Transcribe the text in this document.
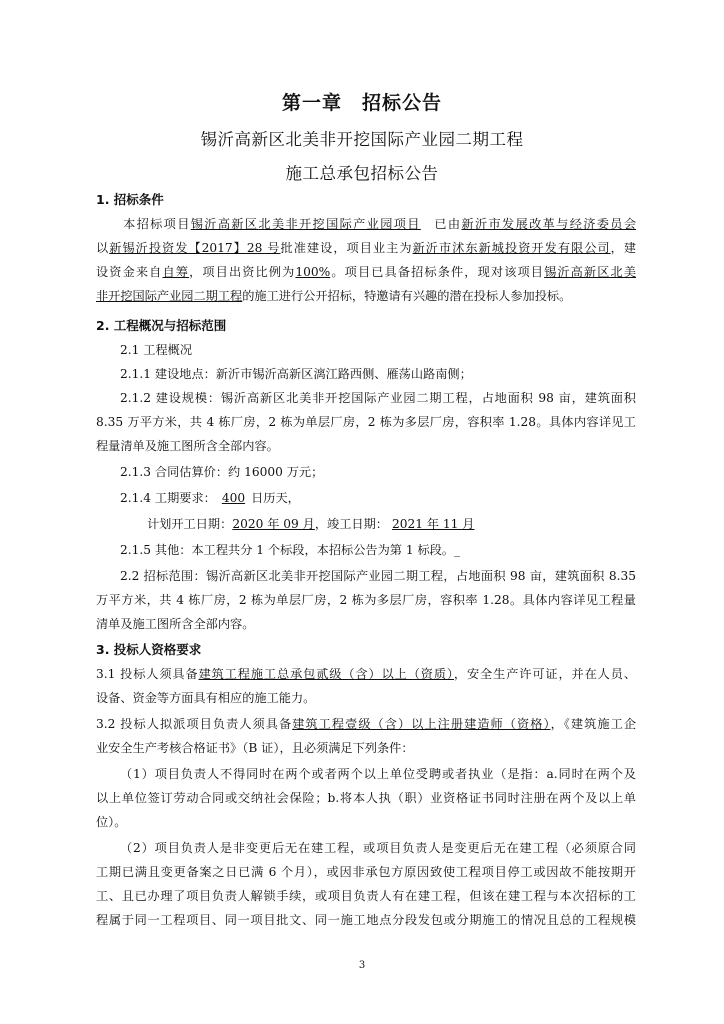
第一章　招标公告
锡沂高新区北美非开挖国际产业园二期工程
施工总承包招标公告
1. 招标条件
　　本招标项目锡沂高新区北美非开挖国际产业园项目　已由新沂市发展改革与经济委员会
以新锡沂投资发【2017】28 号批准建设，项目业主为新沂市沭东新城投资开发有限公司，建
设资金来自自筹，项目出资比例为100%。项目已具备招标条件，现对该项目锡沂高新区北美
非开挖国际产业园二期工程的施工进行公开招标，特邀请有兴趣的潜在投标人参加投标。
2. 工程概况与招标范围
2.1 工程概况
2.1.1 建设地点：新沂市锡沂高新区漓江路西侧、雁荡山路南侧；
2.1.2 建设规模：锡沂高新区北美非开挖国际产业园二期工程，占地面积 98 亩，建筑面积
8.35 万平方米，共 4 栋厂房，2 栋为单层厂房，2 栋为多层厂房，容积率 1.28。具体内容详见工
程量清单及施工图所含全部内容。
2.1.3 合同估算价：约 16000 万元；
2.1.4 工期要求： 400 日历天，
计划开工日期：2020 年 09 月，竣工日期： 2021 年 11 月
2.1.5 其他：本工程共分 1 个标段，本招标公告为第 1 标段。_
2.2 招标范围：锡沂高新区北美非开挖国际产业园二期工程，占地面积 98 亩，建筑面积 8.35
万平方米，共 4 栋厂房，2 栋为单层厂房，2 栋为多层厂房，容积率 1.28。具体内容详见工程量
清单及施工图所含全部内容。
3. 投标人资格要求
3.1 投标人须具备建筑工程施工总承包贰级（含）以上（资质），安全生产许可证，并在人员、
设备、资金等方面具有相应的施工能力。
3.2 投标人拟派项目负责人须具备建筑工程壹级（含）以上注册建造师（资格），《建筑施工企
业安全生产考核合格证书》（B 证），且必须满足下列条件：
（1）项目负责人不得同时在两个或者两个以上单位受聘或者执业（是指：a.同时在两个及
以上单位签订劳动合同或交纳社会保险；b.将本人执（职）业资格证书同时注册在两个及以上单
位）。
（2）项目负责人是非变更后无在建工程，或项目负责人是变更后无在建工程（必须原合同
工期已满且变更备案之日已满 6 个月），或因非承包方原因致使工程项目停工或因故不能按期开
工、且已办理了项目负责人解锁手续，或项目负责人有在建工程，但该在建工程与本次招标的工
程属于同一工程项目、同一项目批文、同一施工地点分段发包或分期施工的情况且总的工程规模
3
